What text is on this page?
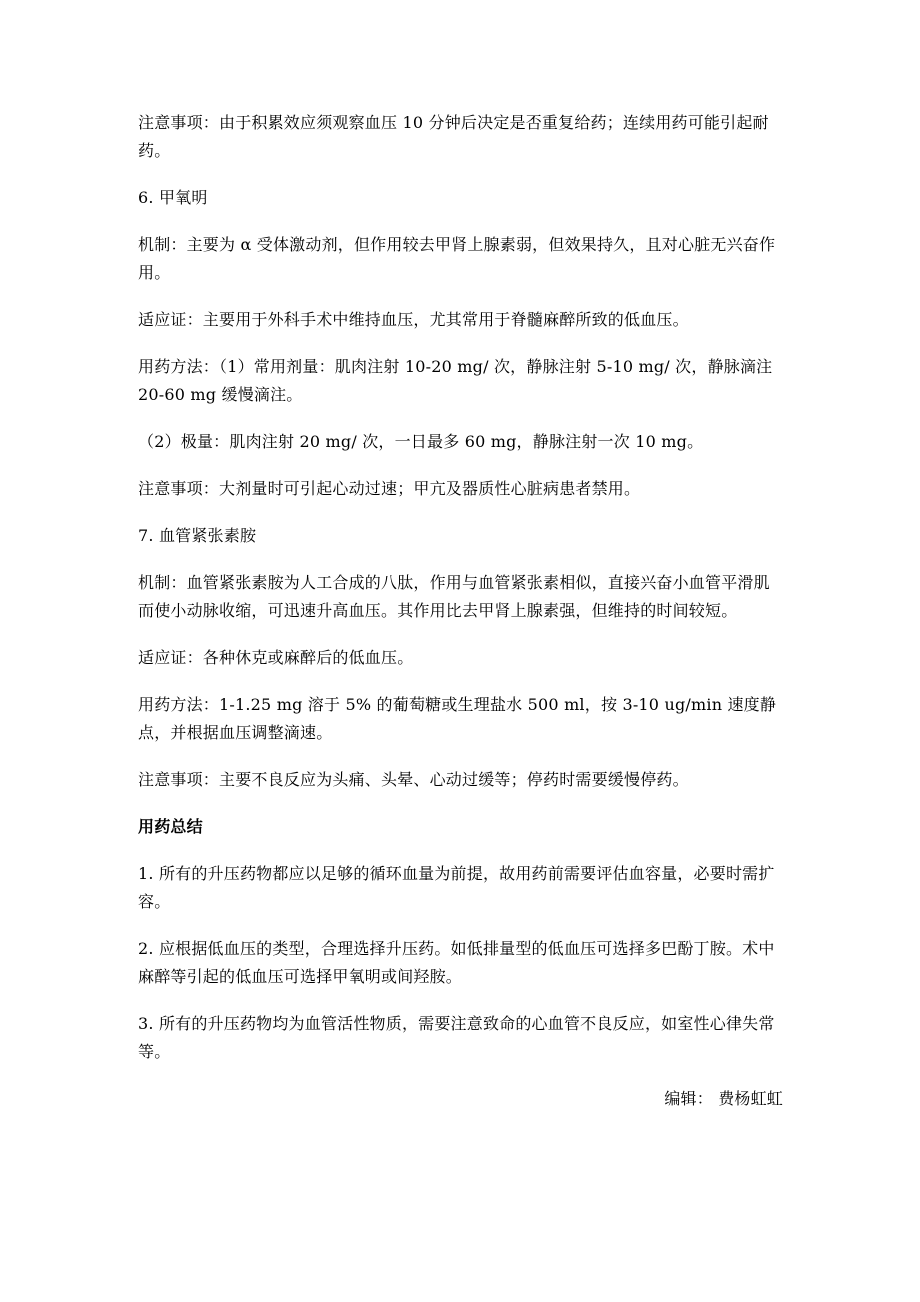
注意事项：由于积累效应须观察血压 10 分钟后决定是否重复给药；连续用药可能引起耐药。

6. 甲氧明

机制：主要为 α 受体激动剂，但作用较去甲肾上腺素弱，但效果持久，且对心脏无兴奋作用。

适应证：主要用于外科手术中维持血压，尤其常用于脊髓麻醉所致的低血压。

用药方法：（1）常用剂量：肌肉注射 10-20 mg/ 次，静脉注射 5-10 mg/ 次，静脉滴注 20-60 mg 缓慢滴注。

（2）极量：肌肉注射 20 mg/ 次，一日最多 60 mg，静脉注射一次 10 mg。

注意事项：大剂量时可引起心动过速；甲亢及器质性心脏病患者禁用。

7. 血管紧张素胺

机制：血管紧张素胺为人工合成的八肽，作用与血管紧张素相似，直接兴奋小血管平滑肌而使小动脉收缩，可迅速升高血压。其作用比去甲肾上腺素强，但维持的时间较短。

适应证：各种休克或麻醉后的低血压。

用药方法：1-1.25 mg 溶于 5% 的葡萄糖或生理盐水 500 ml，按 3-10 ug/min 速度静点，并根据血压调整滴速。

注意事项：主要不良反应为头痛、头晕、心动过缓等；停药时需要缓慢停药。

用药总结

1. 所有的升压药物都应以足够的循环血量为前提，故用药前需要评估血容量，必要时需扩容。

2. 应根据低血压的类型，合理选择升压药。如低排量型的低血压可选择多巴酚丁胺。术中麻醉等引起的低血压可选择甲氧明或间羟胺。

3. 所有的升压药物均为血管活性物质，需要注意致命的心血管不良反应，如室性心律失常等。

编辑： 费杨虹虹
